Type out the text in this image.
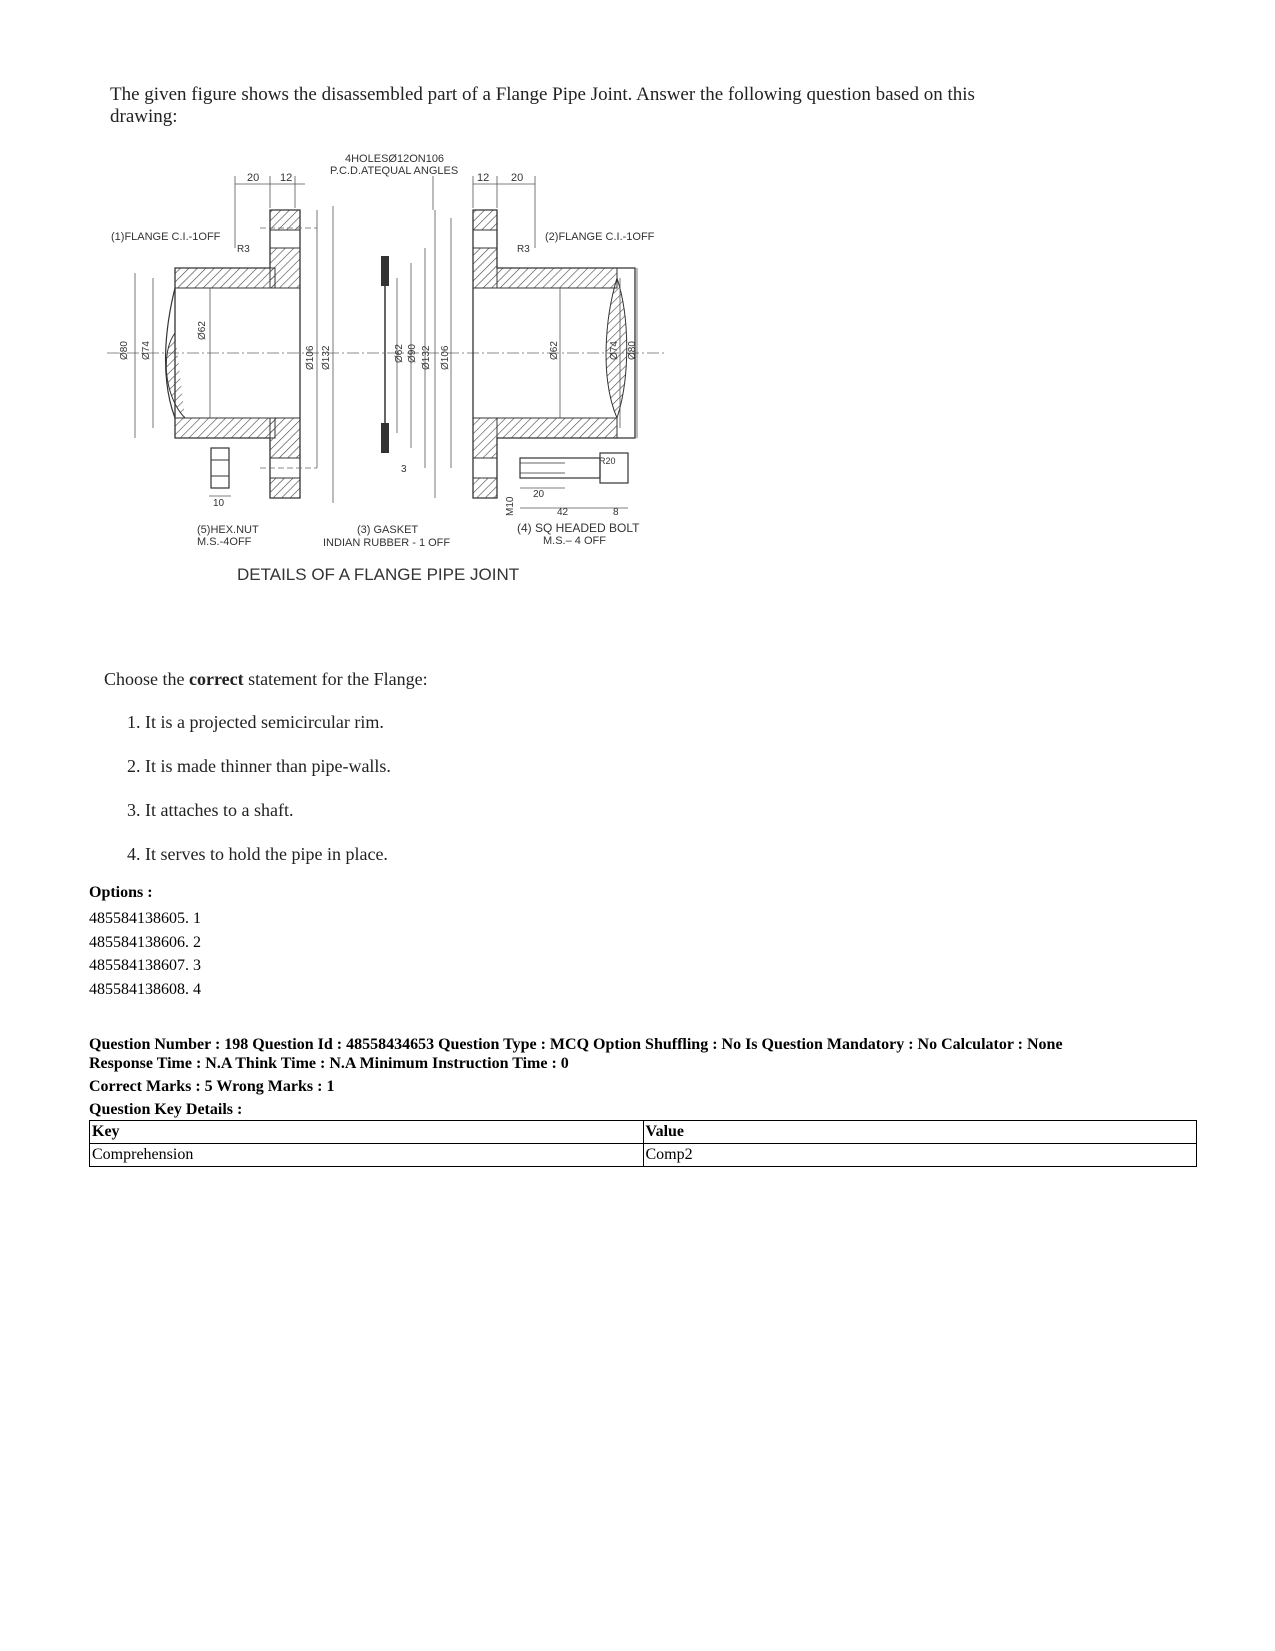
The given figure shows the disassembled part of a Flange Pipe Joint. Answer the following question based on this drawing:
4HOLESØ12ON106
P.C.D.ATEQUAL ANGLES
20 12	12 20
(1)FLANGE C.I.-1OFF	(2)FLANGE C.I.-1OFF
R3	R3
Ø80 Ø74
Ø62
Ø106 Ø132	Ø62 Ø90 Ø132
3
Ø106	Ø62	Ø74 Ø80
10
R20
20
42	8
M10
(5)HEX.NUT
M.S.-4OFF
(3) GASKET
INDIAN RUBBER - 1 OFF
(4) SQ HEADED BOLT
M.S.– 4 OFF
DETAILS OF A FLANGE PIPE JOINT
Choose the correct statement for the Flange:
1. It is a projected semicircular rim.
2. It is made thinner than pipe-walls.
3. It attaches to a shaft.
4. It serves to hold the pipe in place.
Options :
485584138605. 1
485584138606. 2
485584138607. 3
485584138608. 4

Question Number : 198 Question Id : 48558434653 Question Type : MCQ Option Shuffling : No Is Question Mandatory : No Calculator : None

Response Time : N.A Think Time : N.A Minimum Instruction Time : 0

Correct Marks : 5 Wrong Marks : 1

Question Key Details :

Key	Value
Comprehension	Comp2
